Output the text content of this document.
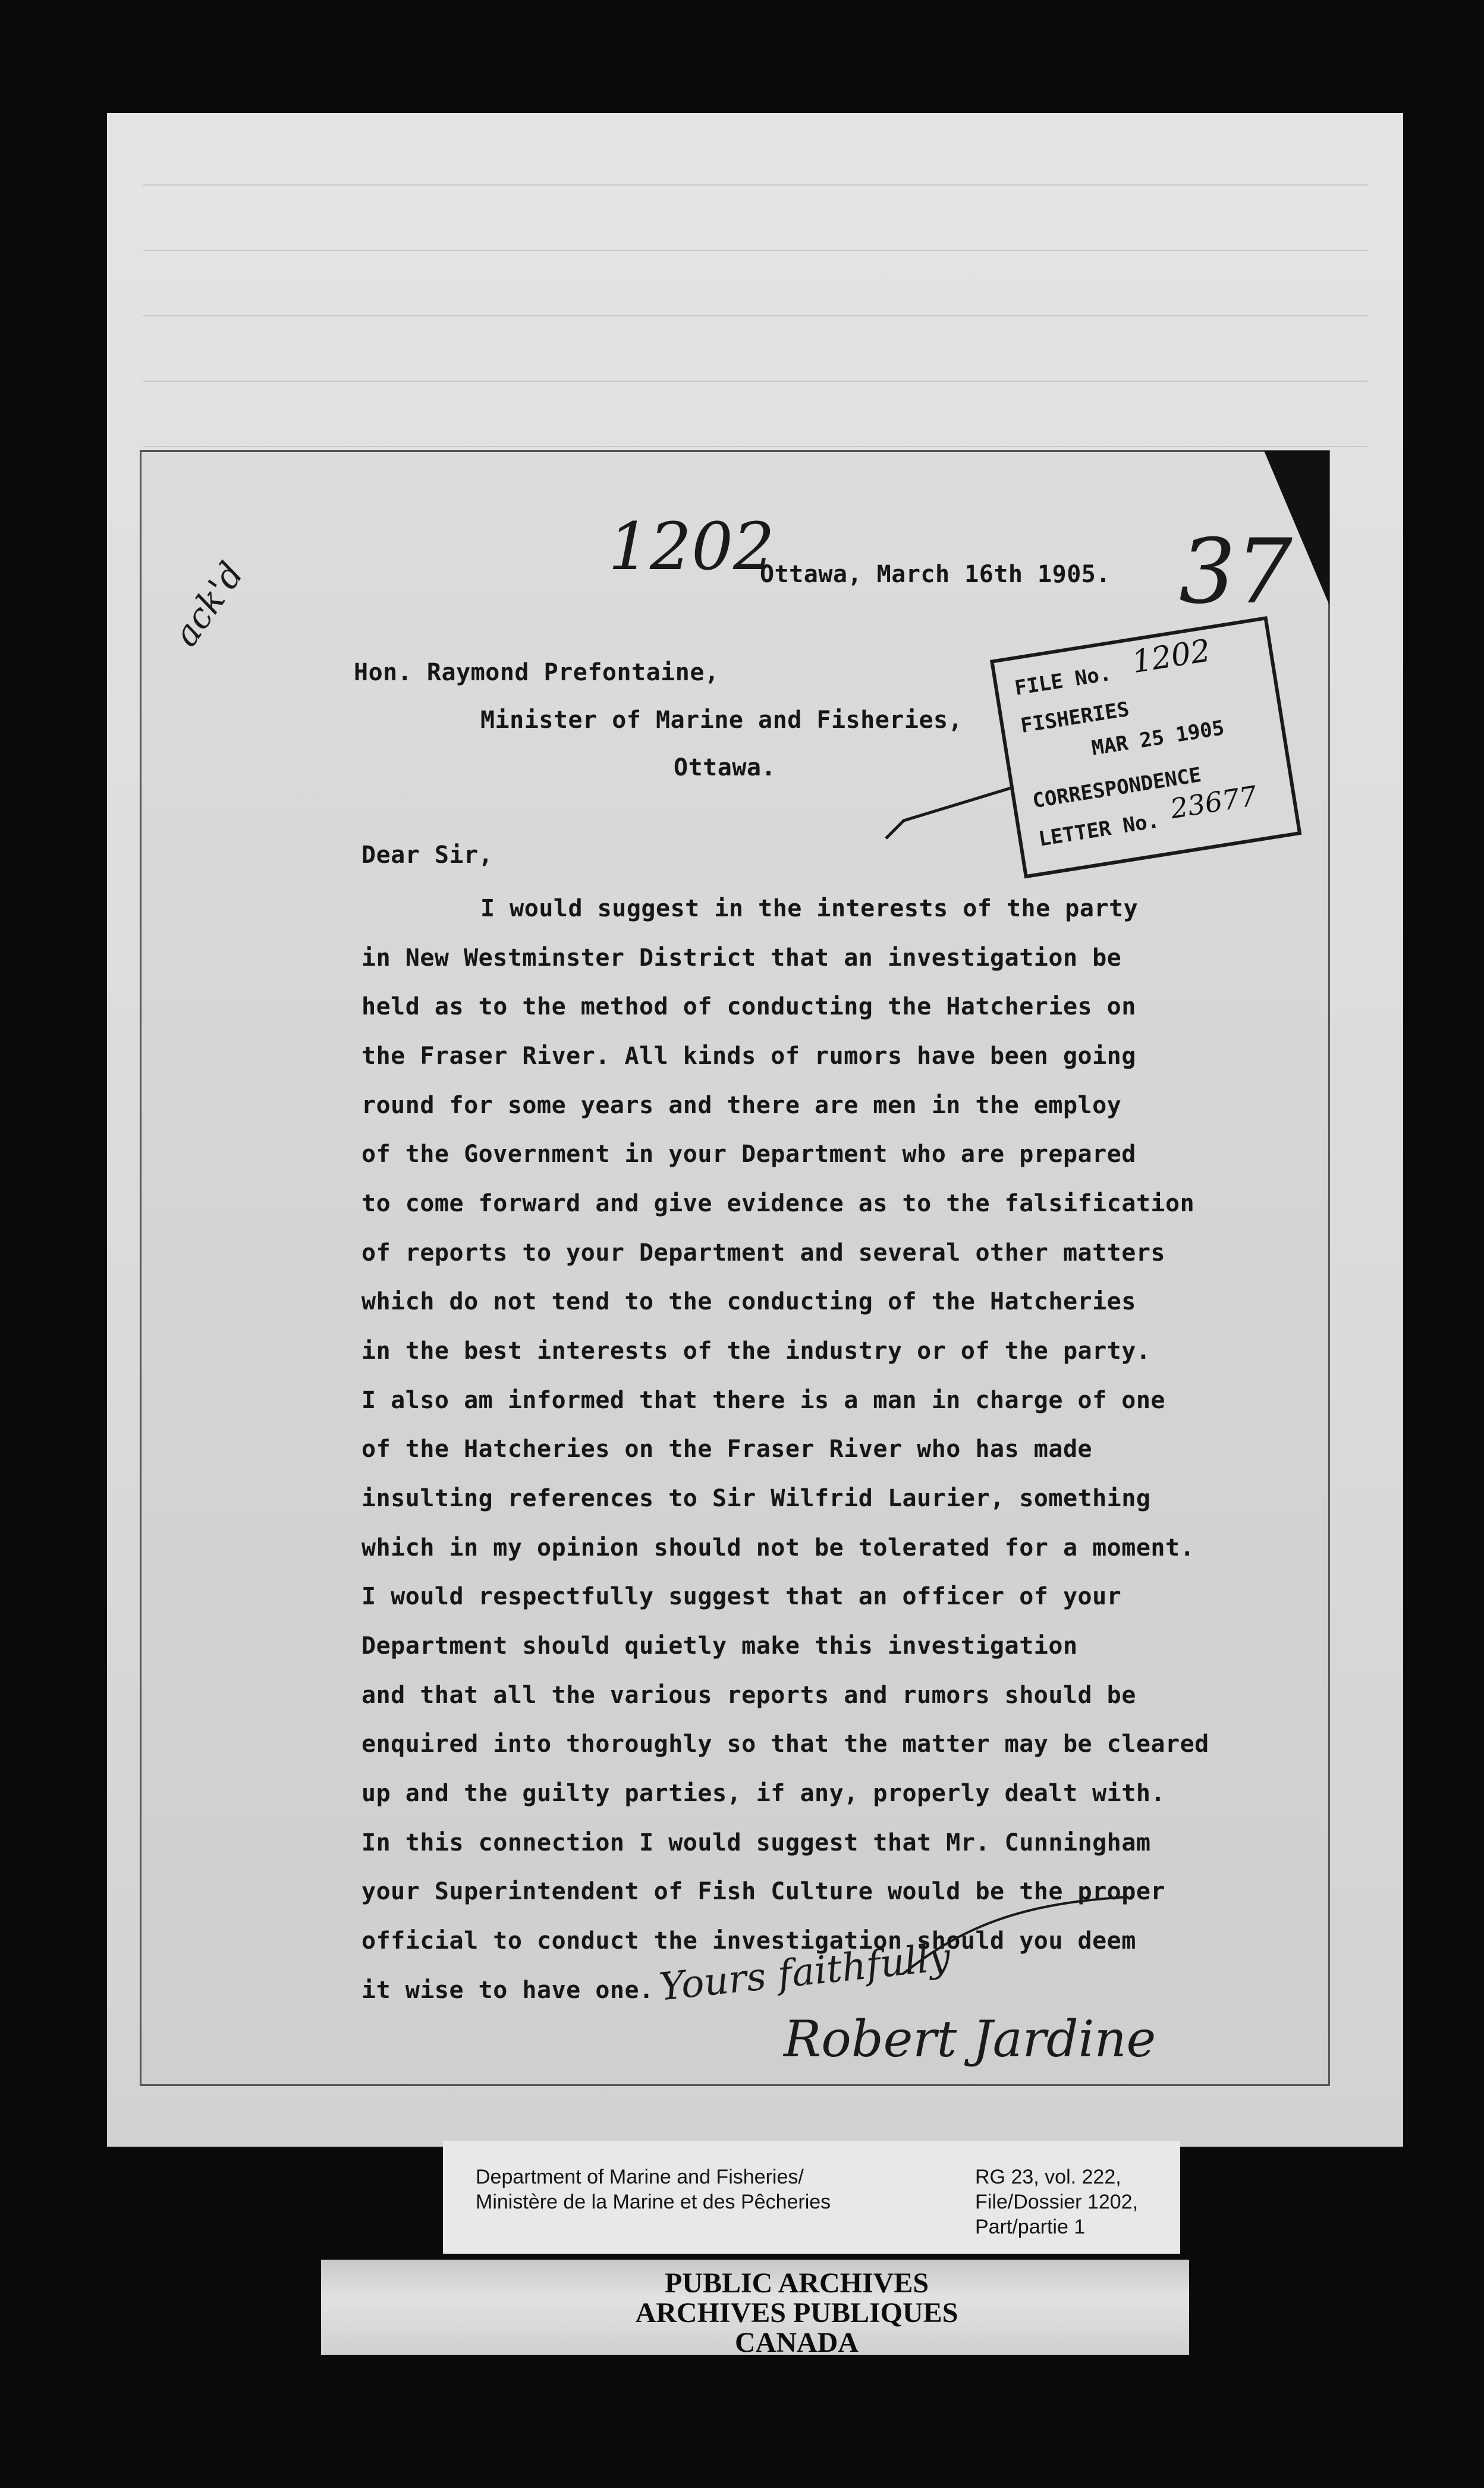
1202
Ottawa, March 16th 1905. 37
ack'd
Hon. Raymond Prefontaine,
Minister of Marine and Fisheries,
Ottawa.
Dear Sir,
I would suggest in the interests of the party
in New Westminster District that an investigation be
held as to the method of conducting the Hatcheries on
the Fraser River. All kinds of rumors have been going
round for some years and there are men in the employ
of the Government in your Department who are prepared
to come forward and give evidence as to the falsification
of reports to your Department and several other matters
which do not tend to the conducting of the Hatcheries
in the best interests of the industry or of the party.
I also am informed that there is a man in charge of one
of the Hatcheries on the Fraser River who has made
insulting references to Sir Wilfrid Laurier, something
which in my opinion should not be tolerated for a moment.
I would respectfully suggest that an officer of your
Department should quietly make this investigation
and that all the various reports and rumors should be
enquired into thoroughly so that the matter may be cleared
up and the guilty parties, if any, properly dealt with.
In this connection I would suggest that Mr. Cunningham
your Superintendent of Fish Culture would be the proper
official to conduct the investigation should you deem
it wise to have one. Yours faithfully
Robert Jardine
FILE No.
1202
FISHERIES
MAR 25 1905
CORRESPONDENCE
LETTER No.
23677
Department of Marine and Fisheries/
Ministère de la Marine et des Pêcheries
RG 23, vol. 222,
File/Dossier 1202,
Part/partie 1
PUBLIC ARCHIVES
ARCHIVES PUBLIQUES
CANADA
